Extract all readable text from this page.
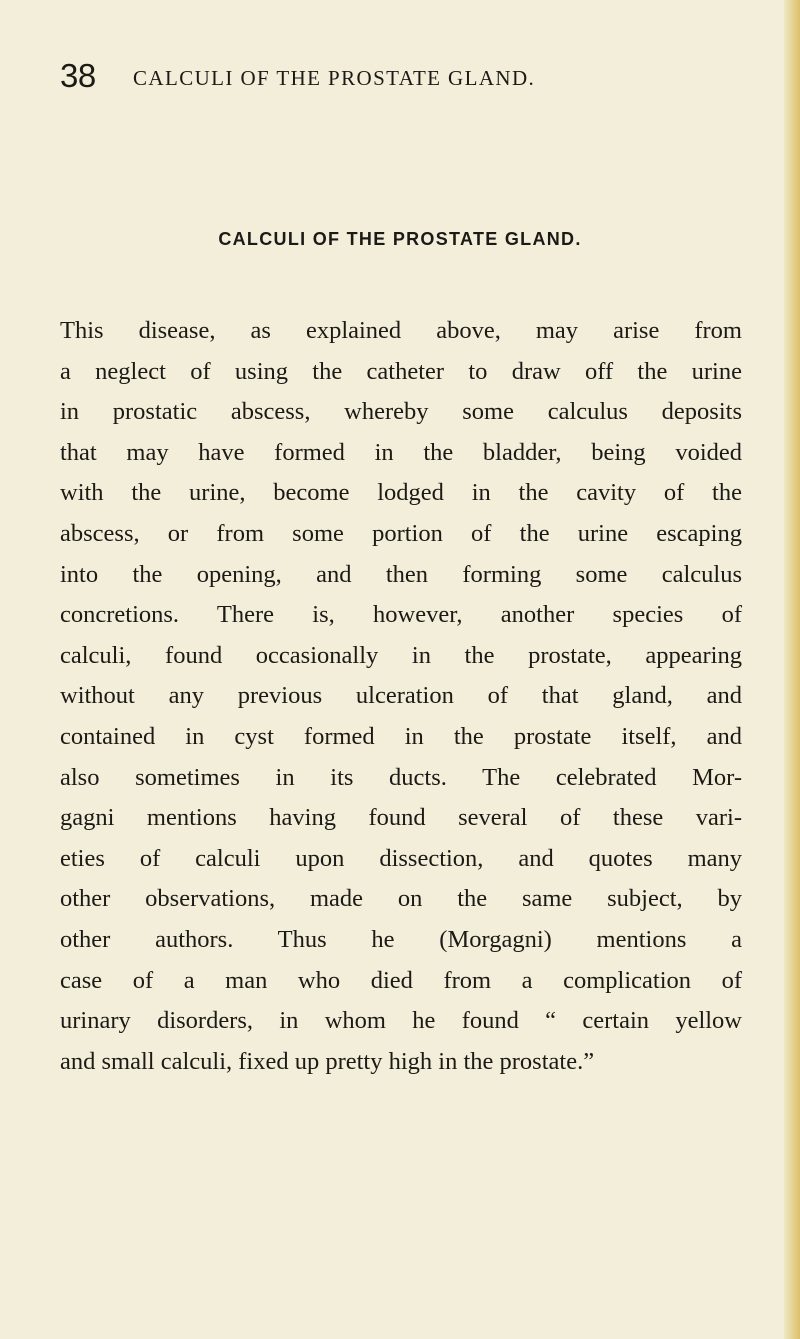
38 CALCULI OF THE PROSTATE GLAND.
CALCULI OF THE PROSTATE GLAND.
This disease, as explained above, may arise from
a neglect of using the catheter to draw off the urine
in prostatic abscess, whereby some calculus deposits
that may have formed in the bladder, being voided
with the urine, become lodged in the cavity of the
abscess, or from some portion of the urine escaping
into the opening, and then forming some calculus
concretions. There is, however, another species of
calculi, found occasionally in the prostate, appearing
without any previous ulceration of that gland, and
contained in cyst formed in the prostate itself, and
also sometimes in its ducts. The celebrated Mor-
gagni mentions having found several of these vari-
eties of calculi upon dissection, and quotes many
other observations, made on the same subject, by
other authors. Thus he (Morgagni) mentions a
case of a man who died from a complication of
urinary disorders, in whom he found “ certain yellow
and small calculi, fixed up pretty high in the prostate.”
